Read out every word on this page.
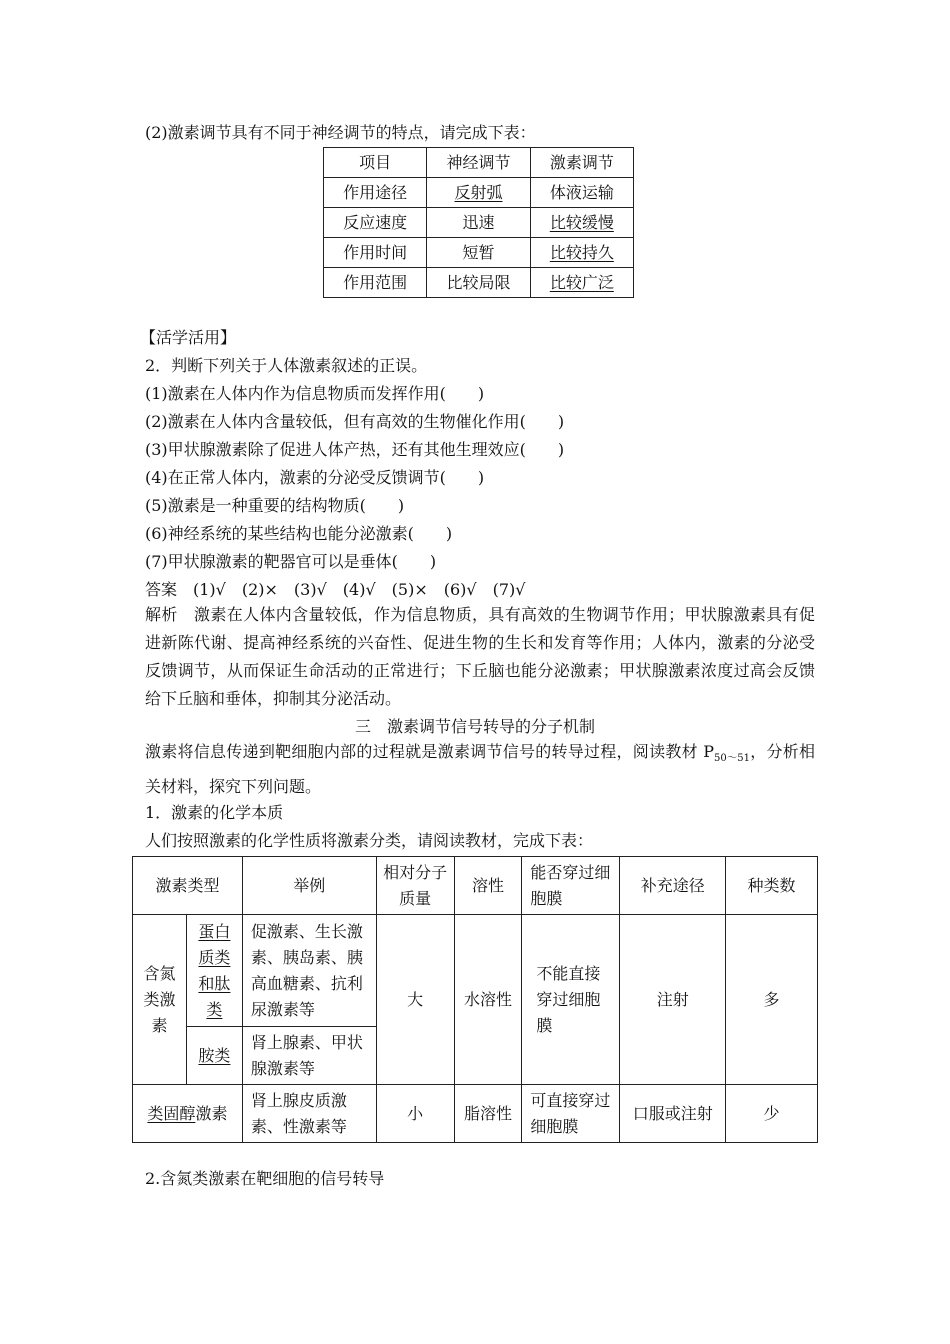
(2)激素调节具有不同于神经调节的特点，请完成下表：
项目	神经调节	激素调节
作用途径	反射弧	体液运输
反应速度	迅速	比较缓慢
作用时间	短暂	比较持久
作用范围	比较局限	比较广泛
【活学活用】
2．判断下列关于人体激素叙述的正误。
(1)激素在人体内作为信息物质而发挥作用(　　)
(2)激素在人体内含量较低，但有高效的生物催化作用(　　)
(3)甲状腺激素除了促进人体产热，还有其他生理效应(　　)
(4)在正常人体内，激素的分泌受反馈调节(　　)
(5)激素是一种重要的结构物质(　　)
(6)神经系统的某些结构也能分泌激素(　　)
(7)甲状腺激素的靶器官可以是垂体(　　)
答案　(1)√　(2)×　(3)√　(4)√　(5)×　(6)√　(7)√
解析　激素在人体内含量较低，作为信息物质，具有高效的生物调节作用；甲状腺激素具有促进新陈代谢、提高神经系统的兴奋性、促进生物的生长和发育等作用；人体内，激素的分泌受反馈调节，从而保证生命活动的正常进行；下丘脑也能分泌激素；甲状腺激素浓度过高会反馈给下丘脑和垂体，抑制其分泌活动。
三　激素调节信号转导的分子机制
激素将信息传递到靶细胞内部的过程就是激素调节信号的转导过程，阅读教材 $P_{50\sim 51}$，分析相关材料，探究下列问题。
1．激素的化学本质
人们按照激素的化学性质将激素分类，请阅读教材，完成下表：
激素类型		举例	相对分子质量	溶性	能否穿过细胞膜	补充途径	种类数
含氮类激素	蛋白质类和肽类	促激素、生长激素、胰岛素、胰高血糖素、抗利尿激素等	大	水溶性	不能直接穿过细胞膜	注射	多
	胺类	肾上腺素、甲状腺激素等					
类固醇激素		肾上腺皮质激素、性激素等	小	脂溶性	可直接穿过细胞膜	口服或注射	少
2.含氮类激素在靶细胞的信号转导
